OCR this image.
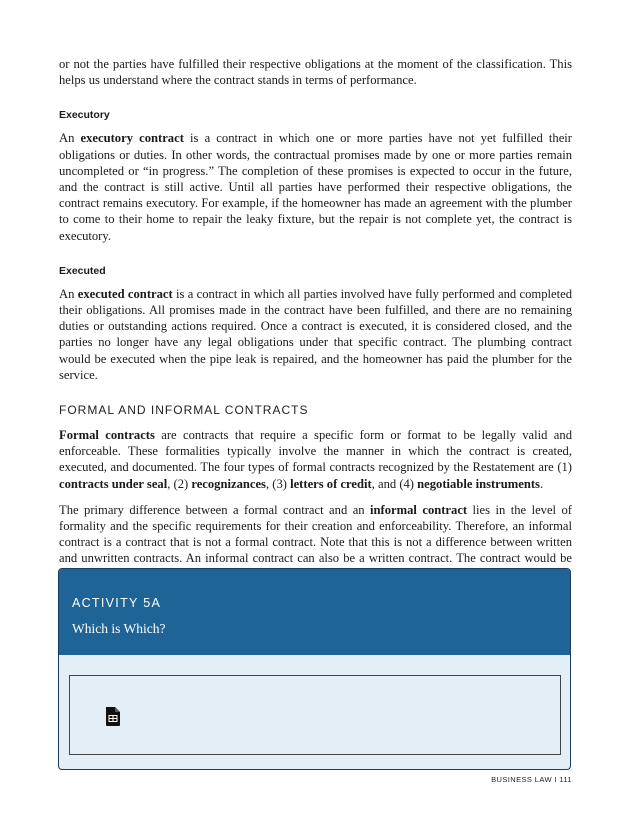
or not the parties have fulfilled their respective obligations at the moment of the classification. This helps us understand where the contract stands in terms of performance.

Executory

An executory contract is a contract in which one or more parties have not yet fulfilled their obligations or duties. In other words, the contractual promises made by one or more parties remain uncompleted or “in progress.” The completion of these promises is expected to occur in the future, and the contract is still active. Until all parties have performed their respective obligations, the contract remains executory. For example, if the homeowner has made an agreement with the plumber to come to their home to repair the leaky fixture, but the repair is not complete yet, the contract is executory.

Executed

An executed contract is a contract in which all parties involved have fully performed and completed their obligations. All promises made in the contract have been fulfilled, and there are no remaining duties or outstanding actions required. Once a contract is executed, it is considered closed, and the parties no longer have any legal obligations under that specific contract. The plumbing contract would be executed when the pipe leak is repaired, and the homeowner has paid the plumber for the service.

FORMAL AND INFORMAL CONTRACTS

Formal contracts are contracts that require a specific form or format to be legally valid and enforceable. These formalities typically involve the manner in which the contract is created, executed, and documented. The four types of formal contracts recognized by the Restatement are (1) contracts under seal, (2) recognizances, (3) letters of credit, and (4) negotiable instruments.

The primary difference between a formal contract and an informal contract lies in the level of formality and the specific requirements for their creation and enforceability. Therefore, an informal contract is a contract that is not a formal contract. Note that this is not a difference between written and unwritten contracts. An informal contract can also be a written contract. The contract would be

ACTIVITY 5A
Which is Which?
BUSINESS LAW I 111
